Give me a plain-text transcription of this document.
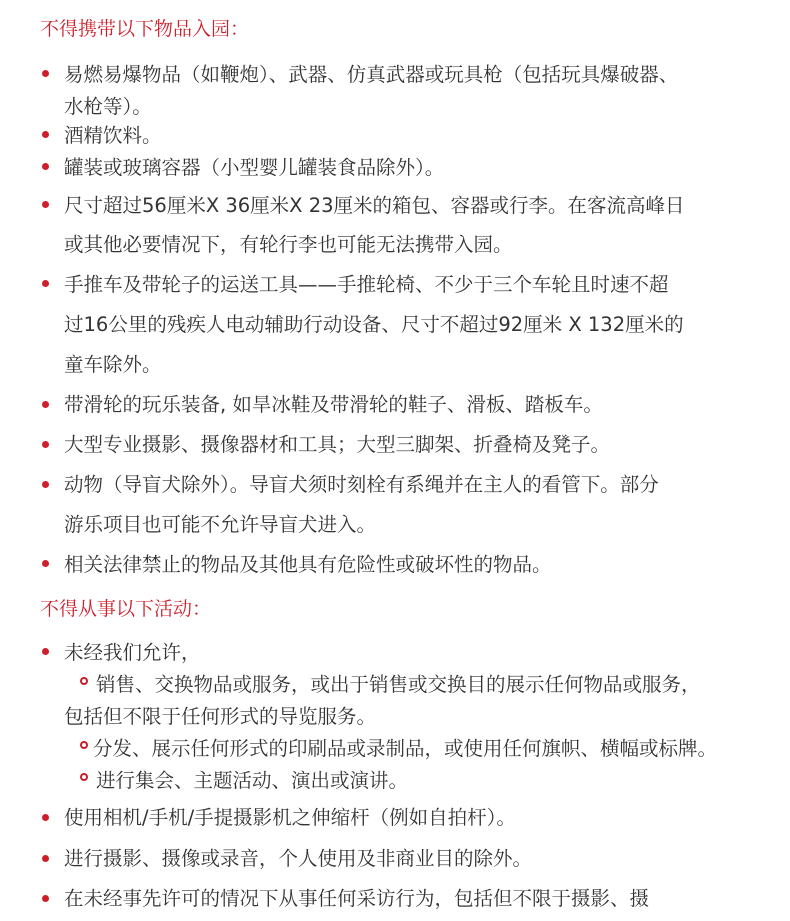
不得携带以下物品入园：
易燃易爆物品（如鞭炮）、武器、仿真武器或玩具枪（包括玩具爆破器、
水枪等）。
酒精饮料。
罐装或玻璃容器（小型婴儿罐装食品除外）。
尺寸超过56厘米X 36厘米X 23厘米的箱包、容器或行李。在客流高峰日
或其他必要情况下，有轮行李也可能无法携带入园。
手推车及带轮子的运送工具——手推轮椅、不少于三个车轮且时速不超
过16公里的残疾人电动辅助行动设备、尺寸不超过92厘米 X 132厘米的
童车除外。
带滑轮的玩乐装备, 如旱冰鞋及带滑轮的鞋子、滑板、踏板车。
大型专业摄影、摄像器材和工具；大型三脚架、折叠椅及凳子。
动物（导盲犬除外）。导盲犬须时刻栓有系绳并在主人的看管下。部分
游乐项目也可能不允许导盲犬进入。
相关法律禁止的物品及其他具有危险性或破坏性的物品。
不得从事以下活动：
未经我们允许，
销售、交换物品或服务，或出于销售或交换目的展示任何物品或服务，
包括但不限于任何形式的导览服务。
分发、展示任何形式的印刷品或录制品，或使用任何旗帜、横幅或标牌。
进行集会、主题活动、演出或演讲。
使用相机/手机/手提摄影机之伸缩杆（例如自拍杆）。
进行摄影、摄像或录音，个人使用及非商业目的除外。
在未经事先许可的情况下从事任何采访行为，包括但不限于摄影、摄
